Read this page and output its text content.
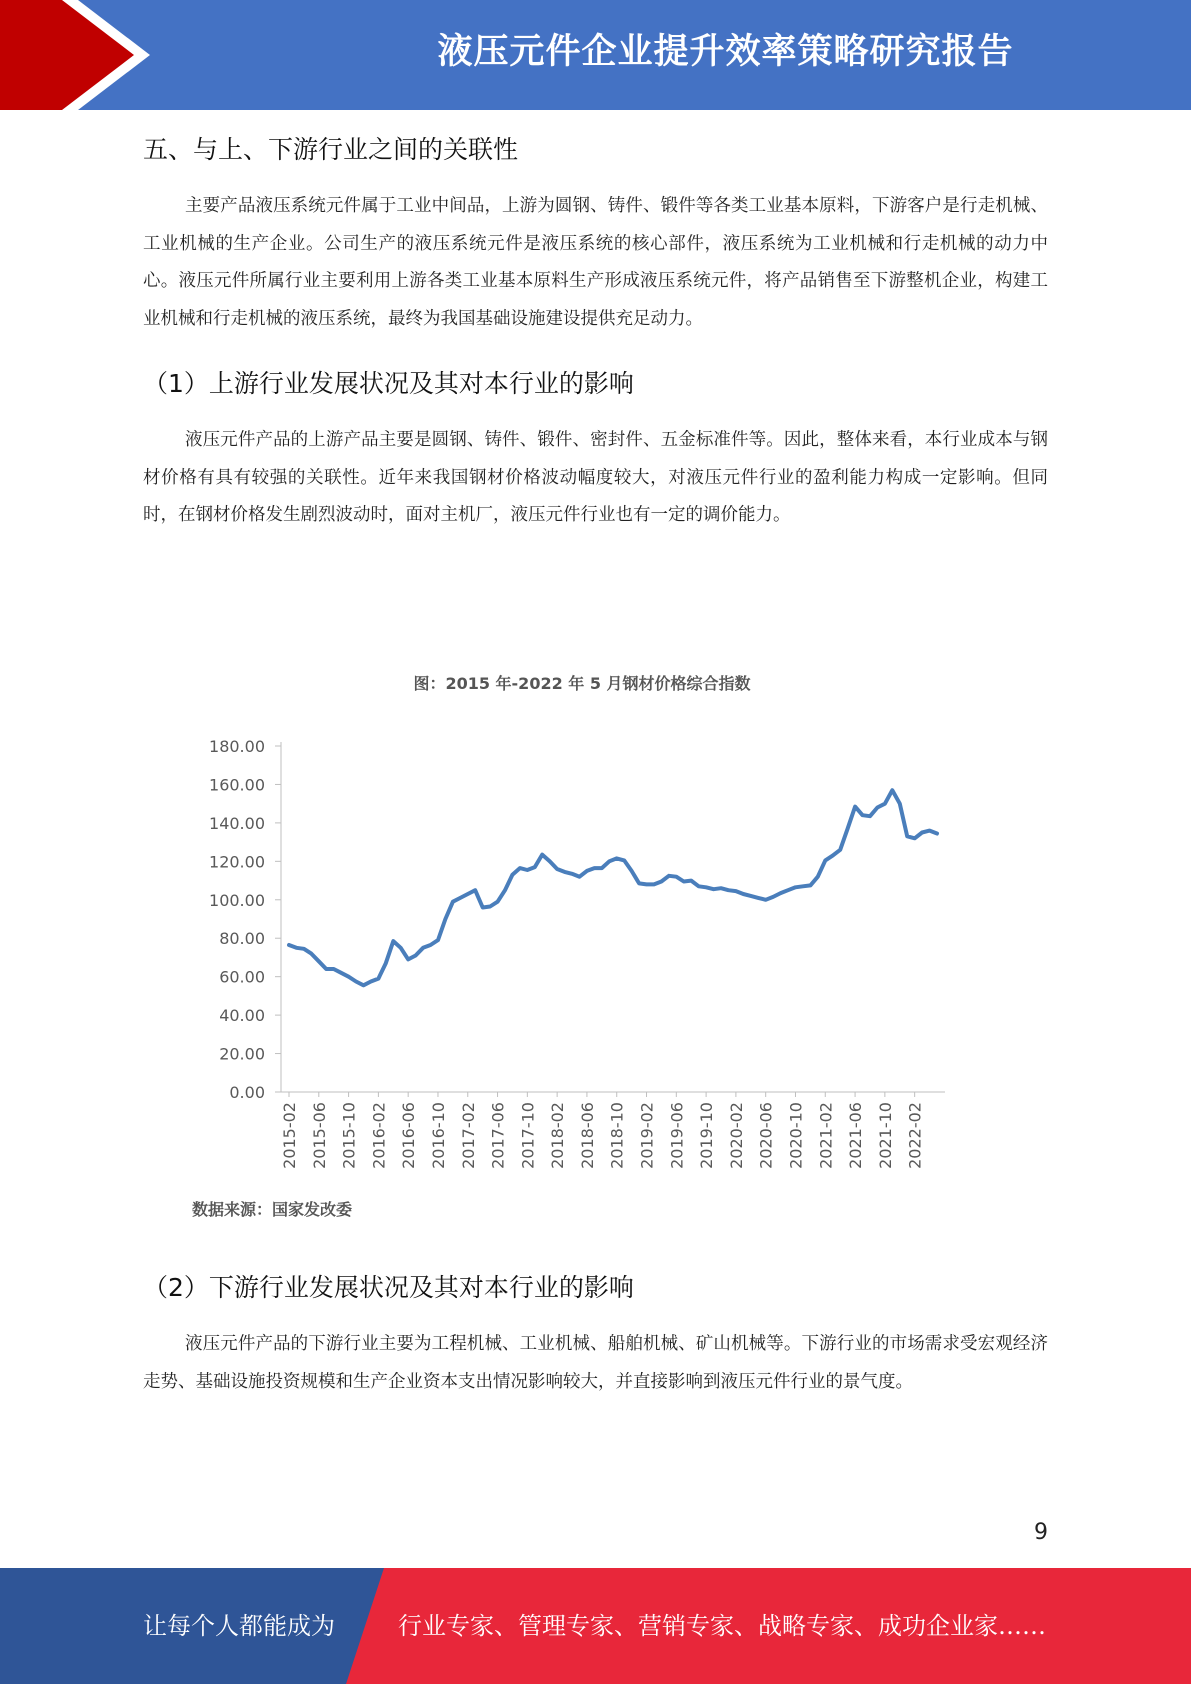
液压元件企业提升效率策略研究报告
五、与上、下游行业之间的关联性

主要产品液压系统元件属于工业中间品，上游为圆钢、铸件、锻件等各类工业基本原料，下游客户是行走机械、工业机械的生产企业。公司生产的液压系统元件是液压系统的核心部件，液压系统为工业机械和行走机械的动力中心。液压元件所属行业主要利用上游各类工业基本原料生产形成液压系统元件，将产品销售至下游整机企业，构建工业机械和行走机械的液压系统，最终为我国基础设施建设提供充足动力。

（1）上游行业发展状况及其对本行业的影响

液压元件产品的上游产品主要是圆钢、铸件、锻件、密封件、五金标准件等。因此，整体来看，本行业成本与钢材价格有具有较强的关联性。近年来我国钢材价格波动幅度较大，对液压元件行业的盈利能力构成一定影响。但同时，在钢材价格发生剧烈波动时，面对主机厂，液压元件行业也有一定的调价能力。

图：2015 年-2022 年 5 月钢材价格综合指数
0.00
20.00
40.00
60.00
80.00
100.00
120.00
140.00
160.00
180.00
2015-02 2015-06 2015-10 2016-02 2016-06 2016-10 2017-02 2017-06 2017-10 2018-02 2018-06 2018-10 2019-02 2019-06 2019-10 2020-02 2020-06 2020-10 2021-02 2021-06 2021-10 2022-02
数据来源：国家发改委
（2）下游行业发展状况及其对本行业的影响

液压元件产品的下游行业主要为工程机械、工业机械、船舶机械、矿山机械等。下游行业的市场需求受宏观经济走势、基础设施投资规模和生产企业资本支出情况影响较大，并直接影响到液压元件行业的景气度。

9
让每个人都能成为	行业专家、管理专家、营销专家、战略专家、成功企业家……
